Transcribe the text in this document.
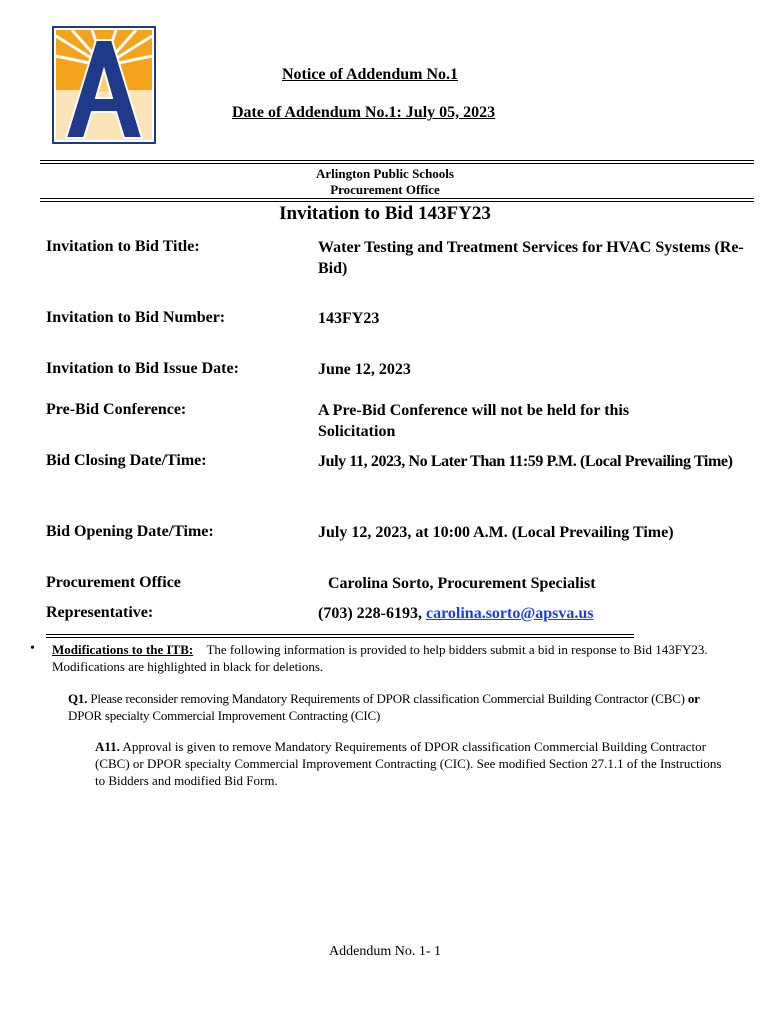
Notice of Addendum No.1
Date of Addendum No.1: July 05, 2023
Arlington Public Schools
Procurement Office
Invitation to Bid 143FY23
Invitation to Bid Title:	Water Testing and Treatment Services for HVAC Systems (Re-Bid)
Invitation to Bid Number:	143FY23
Invitation to Bid Issue Date:	June 12, 2023
Pre-Bid Conference:	A Pre-Bid Conference will not be held for this Solicitation
Bid Closing Date/Time:	July 11, 2023, No Later Than 11:59 P.M. (Local Prevailing Time)
Bid Opening Date/Time:	July 12, 2023, at 10:00 A.M. (Local Prevailing Time)
Procurement Office	Carolina Sorto, Procurement Specialist
Representative:	(703) 228-6193, carolina.sorto@apsva.us
• Modifications to the ITB: The following information is provided to help bidders submit a bid in response to Bid 143FY23. Modifications are highlighted in black for deletions.
Q1. Please reconsider removing Mandatory Requirements of DPOR classification Commercial Building Contractor (CBC) or DPOR specialty Commercial Improvement Contracting (CIC)
A11. Approval is given to remove Mandatory Requirements of DPOR classification Commercial Building Contractor (CBC) or DPOR specialty Commercial Improvement Contracting (CIC). See modified Section 27.1.1 of the Instructions to Bidders and modified Bid Form.
Addendum No. 1- 1
